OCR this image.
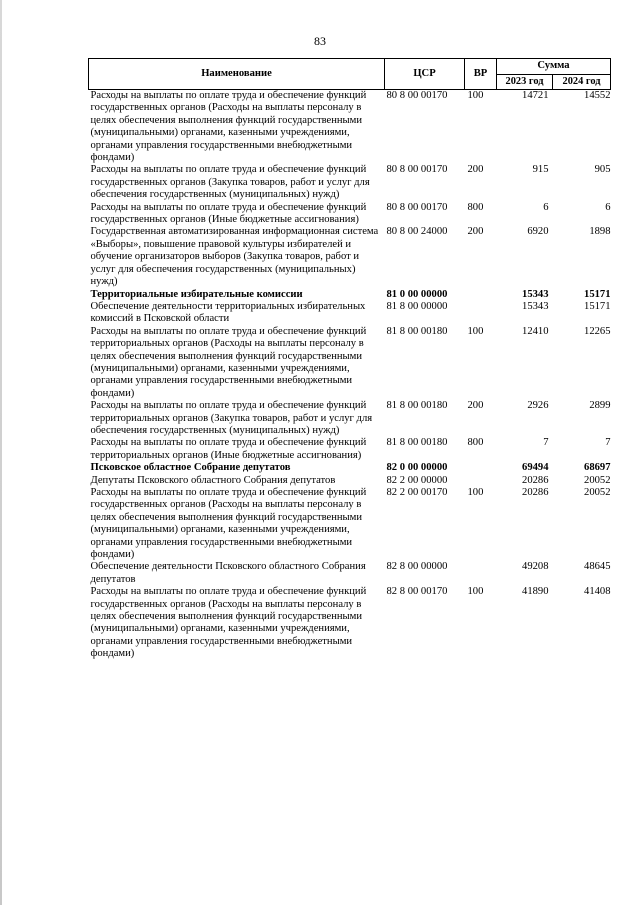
83
Наименование	ЦСР	ВР	Сумма	
			2023 год	2024 год
Расходы на выплаты по оплате труда и обеспечение функций государственных органов (Расходы на выплаты персоналу в целях обеспечения выполнения функций государственными (муниципальными) органами, казенными учреждениями, органами управления государственными внебюджетными фондами)	80 8 00 00170	100	14721	14552
Расходы на выплаты по оплате труда и обеспечение функций государственных органов (Закупка товаров, работ и услуг для обеспечения государственных (муниципальных) нужд)	80 8 00 00170	200	915	905
Расходы на выплаты по оплате труда и обеспечение функций государственных органов (Иные бюджетные ассигнования)	80 8 00 00170	800	6	6
Государственная автоматизированная информационная система «Выборы», повышение правовой культуры избирателей и обучение организаторов выборов (Закупка товаров, работ и услуг для обеспечения государственных (муниципальных) нужд)	80 8 00 24000	200	6920	1898
Территориальные избирательные комиссии	81 0 00 00000		15343	15171
Обеспечение деятельности территориальных избирательных комиссий в Псковской области	81 8 00 00000		15343	15171
Расходы на выплаты по оплате труда и обеспечение функций территориальных органов (Расходы на выплаты персоналу в целях обеспечения выполнения функций государственными (муниципальными) органами, казенными учреждениями, органами управления государственными внебюджетными фондами)	81 8 00 00180	100	12410	12265
Расходы на выплаты по оплате труда и обеспечение функций территориальных органов (Закупка товаров, работ и услуг для обеспечения государственных (муниципальных) нужд)	81 8 00 00180	200	2926	2899
Расходы на выплаты по оплате труда и обеспечение функций территориальных органов (Иные бюджетные ассигнования)	81 8 00 00180	800	7	7
Псковское областное Собрание депутатов	82 0 00 00000		69494	68697
Депутаты Псковского областного Собрания депутатов	82 2 00 00000		20286	20052
Расходы на выплаты по оплате труда и обеспечение функций государственных органов (Расходы на выплаты персоналу в целях обеспечения выполнения функций государственными (муниципальными) органами, казенными учреждениями, органами управления государственными внебюджетными фондами)	82 2 00 00170	100	20286	20052
Обеспечение деятельности Псковского областного Собрания депутатов	82 8 00 00000		49208	48645
Расходы на выплаты по оплате труда и обеспечение функций государственных органов (Расходы на выплаты персоналу в целях обеспечения выполнения функций государственными (муниципальными) органами, казенными учреждениями, органами управления государственными внебюджетными фондами)	82 8 00 00170	100	41890	41408
